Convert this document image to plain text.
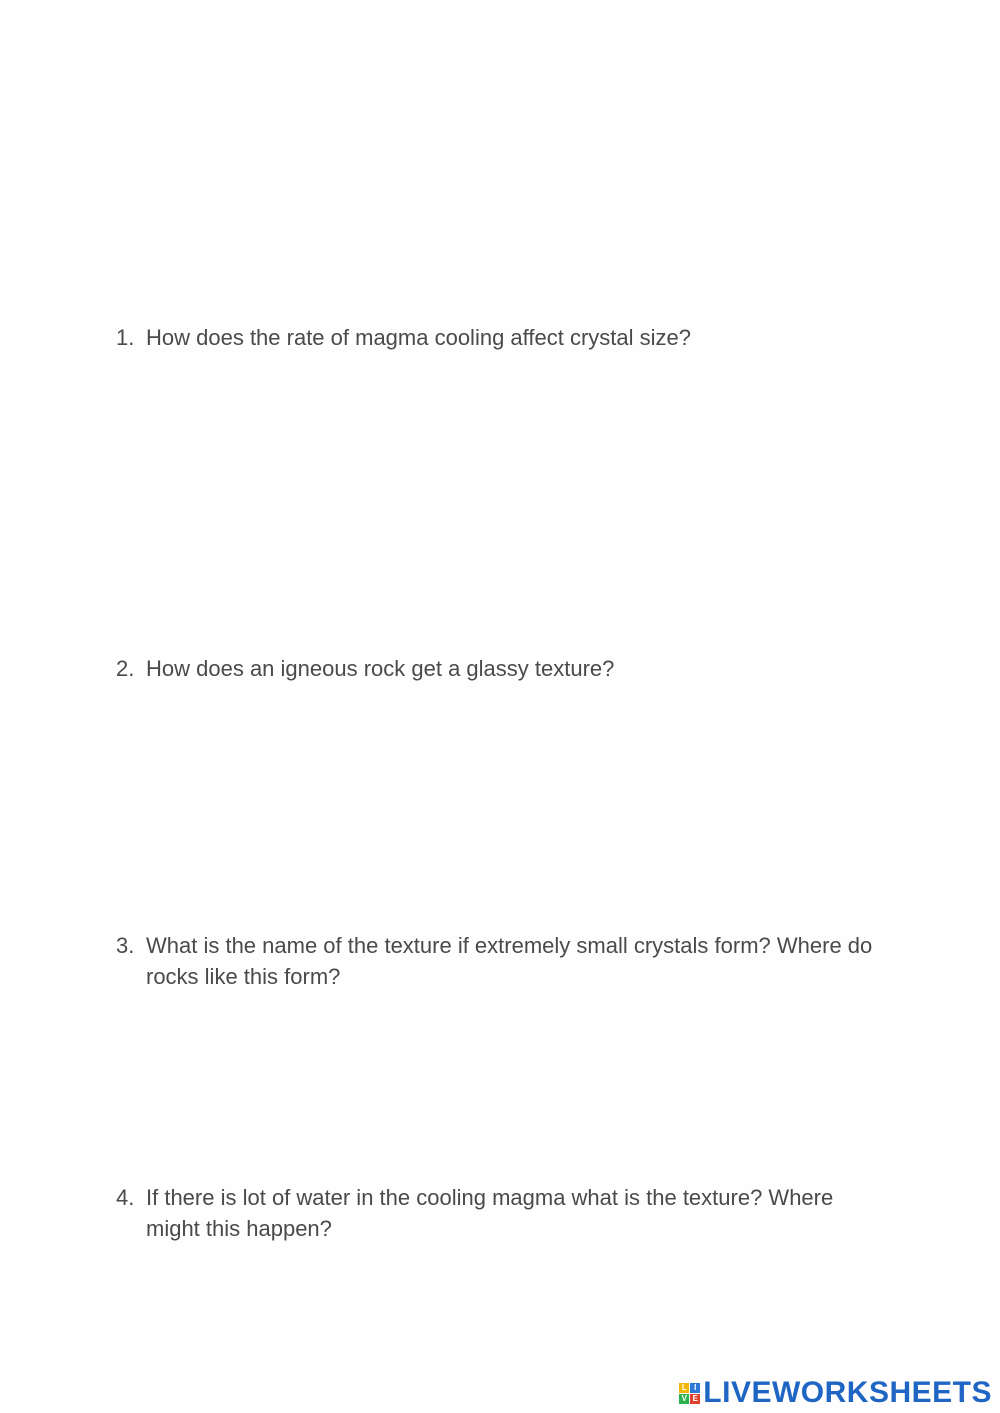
1. How does the rate of magma cooling affect crystal size?
2. How does an igneous rock get a glassy texture?
3. What is the name of the texture if extremely small crystals form? Where do rocks like this form?
4. If there is lot of water in the cooling magma what is the texture? Where might this happen?
L I
V E LIVEWORKSHEETS
